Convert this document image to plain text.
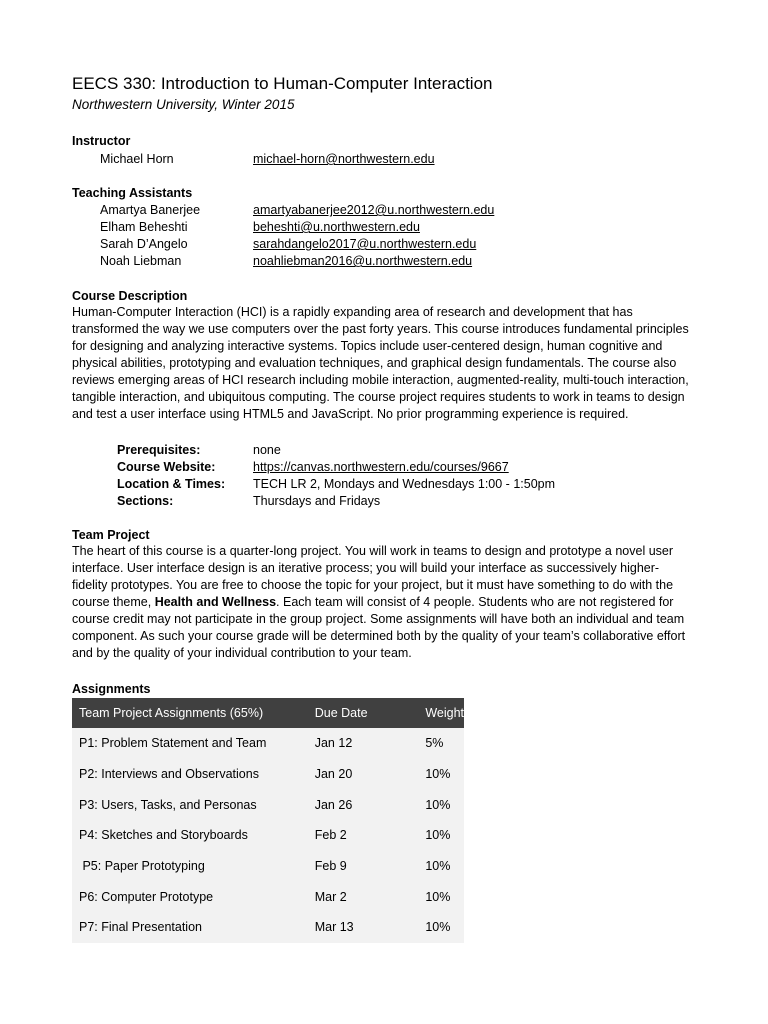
EECS 330: Introduction to Human-Computer Interaction
Northwestern University, Winter 2015
Instructor
Michael Horn	michael-horn@northwestern.edu
Teaching Assistants
Amartya Banerjee	amartyabanerjee2012@u.northwestern.edu
Elham Beheshti	beheshti@u.northwestern.edu
Sarah D’Angelo	sarahdangelo2017@u.northwestern.edu
Noah Liebman	noahliebman2016@u.northwestern.edu
Course Description
Human-Computer Interaction (HCI) is a rapidly expanding area of research and development that has
transformed the way we use computers over the past forty years. This course introduces fundamental principles
for designing and analyzing interactive systems. Topics include user-centered design, human cognitive and
physical abilities, prototyping and evaluation techniques, and graphical design fundamentals. The course also
reviews emerging areas of HCI research including mobile interaction, augmented-reality, multi-touch interaction,
tangible interaction, and ubiquitous computing. The course project requires students to work in teams to design
and test a user interface using HTML5 and JavaScript. No prior programming experience is required.
Prerequisites:	none
Course Website:	https://canvas.northwestern.edu/courses/9667
Location & Times: TECH LR 2, Mondays and Wednesdays 1:00 - 1:50pm
Sections:	Thursdays and Fridays
Team Project
The heart of this course is a quarter-long project. You will work in teams to design and prototype a novel user
interface. User interface design is an iterative process; you will build your interface as successively higher-
fidelity prototypes. You are free to choose the topic for your project, but it must have something to do with the
course theme, Health and Wellness. Each team will consist of 4 people. Students who are not registered for
course credit may not participate in the group project. Some assignments will have both an individual and team
component. As such your course grade will be determined both by the quality of your team’s collaborative effort
and by the quality of your individual contribution to your team.
Assignments
Team Project Assignments (65%)	Due Date	Weight
P1: Problem Statement and Team	Jan 12	5%
P2: Interviews and Observations	Jan 20	10%
P3: Users, Tasks, and Personas	Jan 26	10%
P4: Sketches and Storyboards	Feb 2	10%
P5: Paper Prototyping	Feb 9	10%
P6: Computer Prototype	Mar 2	10%
P7: Final Presentation	Mar 13	10%
